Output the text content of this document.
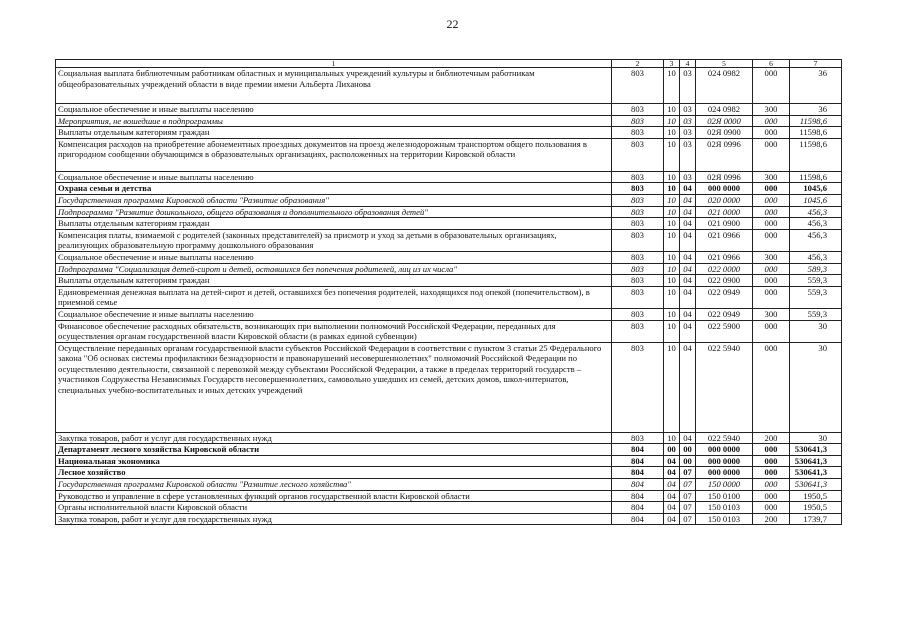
22
1	2	3	4	5	6	7
Социальная выплата библиотечным работникам областных и муниципальных учреждений культуры и библиотечным работникам общеобразовательных учреждений области в виде премии имени Альберта Лиханова	803	10	03	024 0982	000	36
Социальное обеспечение и иные выплаты населению	803	10	03	024 0982	300	36
Мероприятия, не вошедшие в подпрограммы	803	10	03	02Я 0000	000	11598,6
Выплаты отдельным категориям граждан	803	10	03	02Я 0900	000	11598,6
Компенсация расходов на приобретение абонементных проездных документов на проезд железнодорожным транспортом общего пользования в пригородном сообщении обучающимся в образовательных организациях, расположенных на территории Кировской области	803	10	03	02Я 0996	000	11598,6
Социальное обеспечение и иные выплаты населению	803	10	03	02Я 0996	300	11598,6
Охрана семьи и детства	803	10	04	000 0000	000	1045,6
Государственная программа Кировской области "Развитие образования"	803	10	04	020 0000	000	1045,6
Подпрограмма "Развитие дошкольного, общего образования и дополнительного образования детей"	803	10	04	021 0000	000	456,3
Выплаты отдельным категориям граждан	803	10	04	021 0900	000	456,3
Компенсация платы, взимаемой с родителей (законных представителей) за присмотр и уход за детьми в образовательных организациях, реализующих образовательную программу дошкольного образования	803	10	04	021 0966	000	456,3
Социальное обеспечение и иные выплаты населению	803	10	04	021 0966	300	456,3
Подпрограмма "Социализация детей-сирот и детей, оставшихся без попечения родителей, лиц из их числа"	803	10	04	022 0000	000	589,3
Выплаты отдельным категориям граждан	803	10	04	022 0900	000	559,3
Единовременная денежная выплата на детей-сирот и детей, оставшихся без попечения родителей, находящихся под опекой (попечительством), в приемной семье	803	10	04	022 0949	000	559,3
Социальное обеспечение и иные выплаты населению	803	10	04	022 0949	300	559,3
Финансовое обеспечение расходных обязательств, возникающих при выполнении полномочий Российской Федерации, переданных для осуществления органам государственной власти Кировской области (в рамках единой субвенции)	803	10	04	022 5900	000	30
Осуществление переданных органам государственной власти субъектов Российской Федерации в соответствии с пунктом 3 статьи 25 Федерального закона "Об основах системы профилактики безнадзорности и правонарушений несовершеннолетних" полномочий Российской Федерации по осуществлению деятельности, связанной с перевозкой между субъектами Российской Федерации, а также в пределах территорий государств – участников Содружества Независимых Государств несовершеннолетних, самовольно ушедших из семей, детских домов, школ-интернатов, специальных учебно-воспитательных и иных детских учреждений	803	10	04	022 5940	000	30
Закупка товаров, работ и услуг для государственных нужд	803	10	04	022 5940	200	30
Департамент лесного хозяйства Кировской области	804	00	00	000 0000	000	530641,3
Национальная экономика	804	04	00	000 0000	000	530641,3
Лесное хозяйство	804	04	07	000 0000	000	530641,3
Государственная программа Кировской области "Развитие лесного хозяйства"	804	04	07	150 0000	000	530641,3
Руководство и управление в сфере установленных функций органов государственной власти Кировской области	804	04	07	150 0100	000	1950,5
Органы исполнительной власти Кировской области	804	04	07	150 0103	000	1950,5
Закупка товаров, работ и услуг для государственных нужд	804	04	07	150 0103	200	1739,7
